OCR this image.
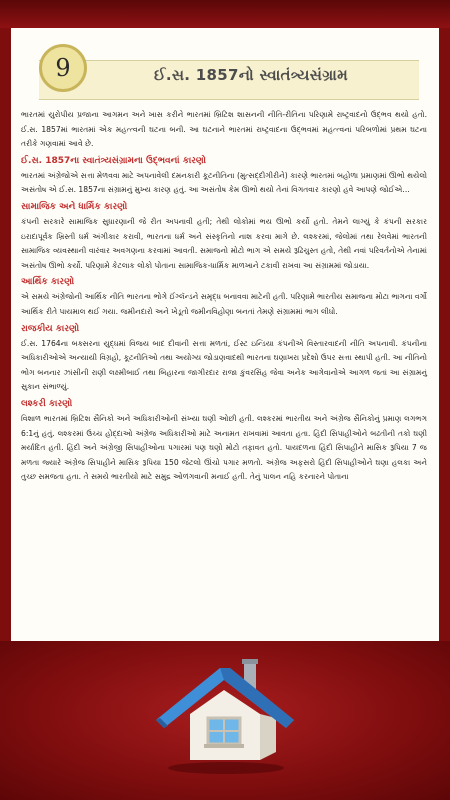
9	ઈ.સ. 1857નો સ્વાતંત્ર્યસંગ્રામ

ભારતમાં યુરોપીય પ્રજાના આગમન અને ખાસ કરીને ભારતમાં બ્રિટિશ શાસનની નીતિ-રીતિના પરિણામે રાષ્ટ્રવાદનો ઉદ્ભવ થયો હતો. ઈ.સ. 1857માં ભારતમાં એક મહત્ત્વની ઘટના બની. આ ઘટનાને ભારતમાં રાષ્ટ્રવાદના ઉદ્ભવમાં મહત્ત્વનાં પરિબળોમાં પ્રથમ ઘટના તરીકે ગણવામાં આવે છે.

ઈ.સ. 1857ના સ્વાતંત્ર્યસંગ્રામના ઉદ્ભવનાં કારણો

ભારતમાં અંગ્રેજોએ સત્તા મેળવવા માટે અપનાવેલી દમનકારી કૂટનીતિના (મુત્સદ્દીગીરીને) કારણે ભારતમાં બહોળા પ્રમાણમાં ઊભો થયેલો અસંતોષ એ ઈ.સ. 1857ના સંગ્રામનું મુખ્ય કારણ હતું. આ અસંતોષ કેમ ઊભો થયો તેનાં વિગતવાર કારણો હવે આપણે જોઈએ...

સામાજિક અને ધાર્મિક કારણો

કંપની સરકારે સામાજિક સુધારણાની જે રીત અપનાવી હતી; તેથી લોકોમાં ભય ઊભો કર્યો હતો. તેમને લાગ્યું કે કંપની સરકાર ઇરાદાપૂર્વક ખ્રિસ્તી ધર્મ અંગીકાર કરાવી, ભારતના ધર્મ અને સંસ્કૃતિનો નાશ કરવા માગે છે. લશ્કરમાં, જેલોમાં તથા રેલવેમાં ભારતની સામાજિક વ્યવસ્થાની વારંવાર અવગણના કરવામાં આવતી. સમાજનો મોટો ભાગ એ સમયે રૂઢિચુસ્ત હતો, તેથી નવાં પરિવર્તનોએ તેનામાં અસંતોષ ઊભો કર્યો. પરિણામે કેટલાક લોકો પોતાના સામાજિક-ધાર્મિક માળખાને ટકાવી રાખવા આ સંગ્રામમાં જોડાયા.

આર્થિક કારણો

એ સમયે અંગ્રેજોની આર્થિક નીતિ ભારતના ભોગે ઈંગ્લૅન્ડને સમૃદ્ધ બનાવવા માટેની હતી. પરિણામે ભારતીય સમાજના મોટા ભાગના વર્ગો આર્થિક રીતે પાયમાલ થઈ ગયા. જમીનદારો અને ખેડૂતો જમીનવિહોણા બનતાં તેમણે સંગ્રામમાં ભાગ લીધો.

રાજકીય કારણો

ઈ.સ. 1764ના બક્સરના યુદ્ધમાં વિજય બાદ દીવાની સત્તા મળતાં, ઈસ્ટ ઇન્ડિયા કંપનીએ વિસ્તારવાદની નીતિ અપનાવી. કંપનીના અધિકારીઓએ અન્યાયી વિગ્રહો, કૂટનીતિઓ તથા અયોગ્ય જોડાણવાદથી ભારતના ઘણાખરા પ્રદેશો ઉપર સત્તા સ્થાપી હતી. આ નીતિનો ભોગ બનનાર ઝાંસીની રાણી લક્ષ્મીબાઈ તથા બિહારના જાગીરદાર રાજા કુંવરસિંહ જેવા અનેક આગેવાનોએ આગળ જતાં આ સંગ્રામનું સુકાન સંભાળ્યું.

લશ્કરી કારણો

વિશાળ ભારતમાં બ્રિટિશ સૈનિકો અને અધિકારીઓની સંખ્યા ઘણી ઓછી હતી. લશ્કરમાં ભારતીય અને અંગ્રેજ સૈનિકોનું પ્રમાણ લગભગ 6:1નું હતું. લશ્કરમાં ઉચ્ચ હોદ્દાઓ અંગ્રેજ અધિકારીઓ માટે અનામત રાખવામાં આવતા હતા. હિંદી સિપાહીઓને બઢતીની તકો ઘણી મર્યાદિત હતી. હિંદી અને અંગ્રેજી સિપાહીઓના પગારમાં પણ ઘણો મોટો તફાવત હતો. પાયદળના હિંદી સિપાહીને માસિક રૂપિયા 7 જ મળતા જ્યારે અંગ્રેજ સિપાહીને માસિક રૂપિયા 150 જેટલો ઊંચો પગાર મળતો. અંગ્રેજ અફસરો હિંદી સિપાહીઓને ઘણા હલકા અને તુચ્છ સમજતા હતા. તે સમયે ભારતીયો માટે સમુદ્ર ઓળંગવાની મનાઈ હતી. તેનું પાલન નહિ કરનારને પોતાના
